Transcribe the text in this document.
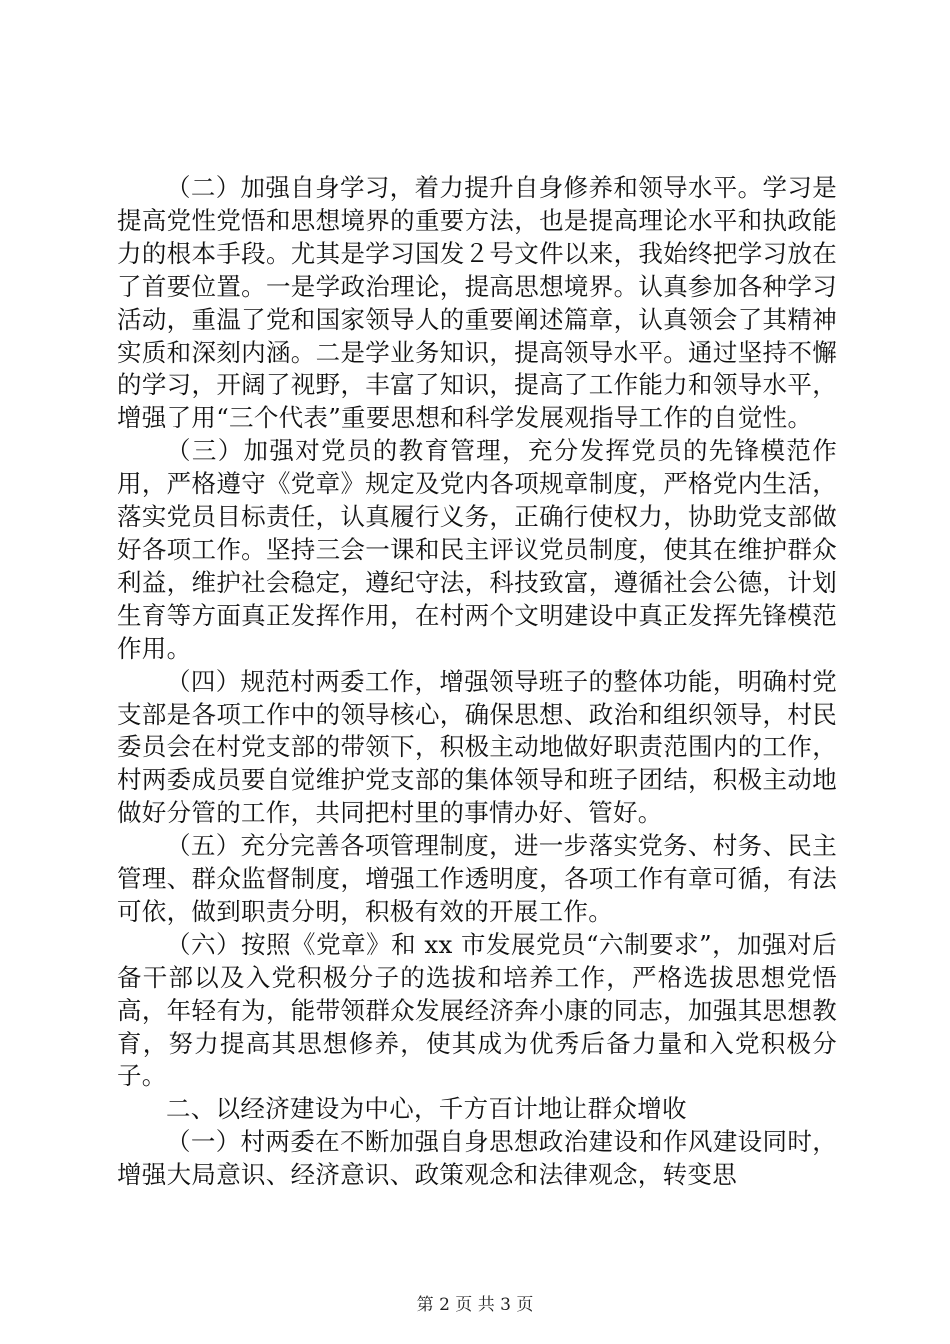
（二）加强自身学习，着力提升自身修养和领导水平。学习是提高党性党悟和思想境界的重要方法，也是提高理论水平和执政能力的根本手段。尤其是学习国发２号文件以来，我始终把学习放在了首要位置。一是学政治理论，提高思想境界。认真参加各种学习活动，重温了党和国家领导人的重要阐述篇章，认真领会了其精神实质和深刻内涵。二是学业务知识，提高领导水平。通过坚持不懈的学习，开阔了视野，丰富了知识，提高了工作能力和领导水平，增强了用“三个代表”重要思想和科学发展观指导工作的自觉性。

（三）加强对党员的教育管理，充分发挥党员的先锋模范作用，严格遵守《党章》规定及党内各项规章制度，严格党内生活，落实党员目标责任，认真履行义务，正确行使权力，协助党支部做好各项工作。坚持三会一课和民主评议党员制度，使其在维护群众利益，维护社会稳定，遵纪守法，科技致富，遵循社会公德，计划生育等方面真正发挥作用，在村两个文明建设中真正发挥先锋模范作用。

（四）规范村两委工作，增强领导班子的整体功能，明确村党支部是各项工作中的领导核心，确保思想、政治和组织领导，村民委员会在村党支部的带领下，积极主动地做好职责范围内的工作，村两委成员要自觉维护党支部的集体领导和班子团结，积极主动地做好分管的工作，共同把村里的事情办好、管好。

（五）充分完善各项管理制度，进一步落实党务、村务、民主管理、群众监督制度，增强工作透明度，各项工作有章可循，有法可依，做到职责分明，积极有效的开展工作。

（六）按照《党章》和 xx 市发展党员“六制要求”，加强对后备干部以及入党积极分子的选拔和培养工作，严格选拔思想党悟高，年轻有为，能带领群众发展经济奔小康的同志，加强其思想教育，努力提高其思想修养，使其成为优秀后备力量和入党积极分子。

二、以经济建设为中心，千方百计地让群众增收

（一）村两委在不断加强自身思想政治建设和作风建设同时，增强大局意识、经济意识、政策观念和法律观念，转变思

第 2 页 共 3 页
